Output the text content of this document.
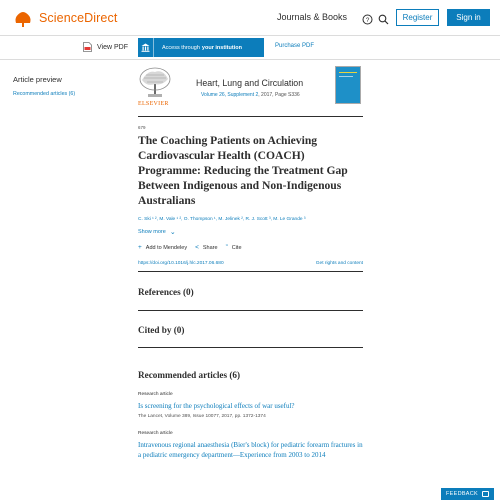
ScienceDirect	Journals & Books	?	Register	Sign in
View PDF	Access through your institution	Purchase PDF
Article preview
Recommended articles (6)
ELSEVIER
Heart, Lung and Circulation
Volume 26, Supplement 2, 2017, Page S336
679
The Coaching Patients on Achieving Cardiovascular Health (COACH) Programme: Reducing the Treatment Gap Between Indigenous and Non-Indigenous Australians
C. Ski ¹ ², M. Vale ¹ ², O. Thompson ¹, M. Jelinek ², R. J. Scott ³, M. Le Grande ³
Show more ⌄
+ Add to Mendeley < Share ” Cite
https://doi.org/10.1016/j.hlc.2017.06.680	Get rights and content
References (0)
Cited by (0)
Recommended articles (6)
Research article
Is screening for the psychological effects of war useful?
The Lancet, Volume 389, Issue 10077, 2017, pp. 1372-1374
Research article
Intravenous regional anaesthesia (Bier's block) for pediatric forearm fractures in a pediatric emergency department—Experience from 2003 to 2014
FEEDBACK
